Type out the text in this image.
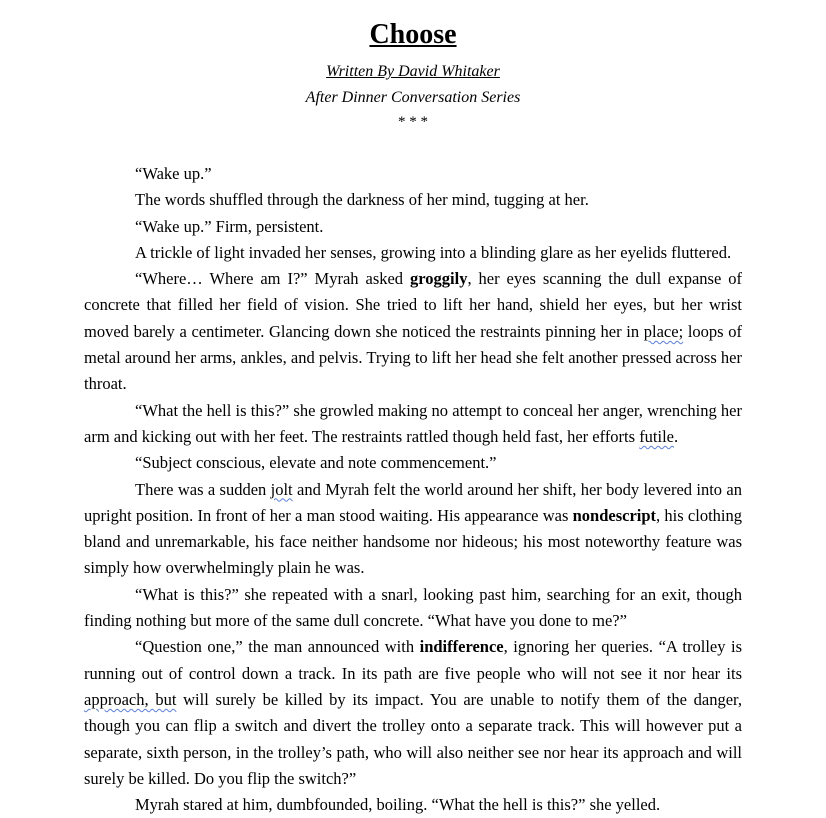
Choose
Written By David Whitaker
After Dinner Conversation Series
* * *

“Wake up.”

The words shuffled through the darkness of her mind, tugging at her.

“Wake up.” Firm, persistent.

A trickle of light invaded her senses, growing into a blinding glare as her eyelids fluttered.

“Where… Where am I?” Myrah asked groggily, her eyes scanning the dull expanse of concrete that filled her field of vision. She tried to lift her hand, shield her eyes, but her wrist moved barely a centimeter. Glancing down she noticed the restraints pinning her in place; loops of metal around her arms, ankles, and pelvis. Trying to lift her head she felt another pressed across her throat.

“What the hell is this?” she growled making no attempt to conceal her anger, wrenching her arm and kicking out with her feet. The restraints rattled though held fast, her efforts futile.

“Subject conscious, elevate and note commencement.”

There was a sudden jolt and Myrah felt the world around her shift, her body levered into an upright position. In front of her a man stood waiting. His appearance was nondescript, his clothing bland and unremarkable, his face neither handsome nor hideous; his most noteworthy feature was simply how overwhelmingly plain he was.

“What is this?” she repeated with a snarl, looking past him, searching for an exit, though finding nothing but more of the same dull concrete. “What have you done to me?”

“Question one,” the man announced with indifference, ignoring her queries. “A trolley is running out of control down a track. In its path are five people who will not see it nor hear its approach, but will surely be killed by its impact. You are unable to notify them of the danger, though you can flip a switch and divert the trolley onto a separate track. This will however put a separate, sixth person, in the trolley’s path, who will also neither see nor hear its approach and will surely be killed. Do you flip the switch?”

Myrah stared at him, dumbfounded, boiling. “What the hell is this?” she yelled.
